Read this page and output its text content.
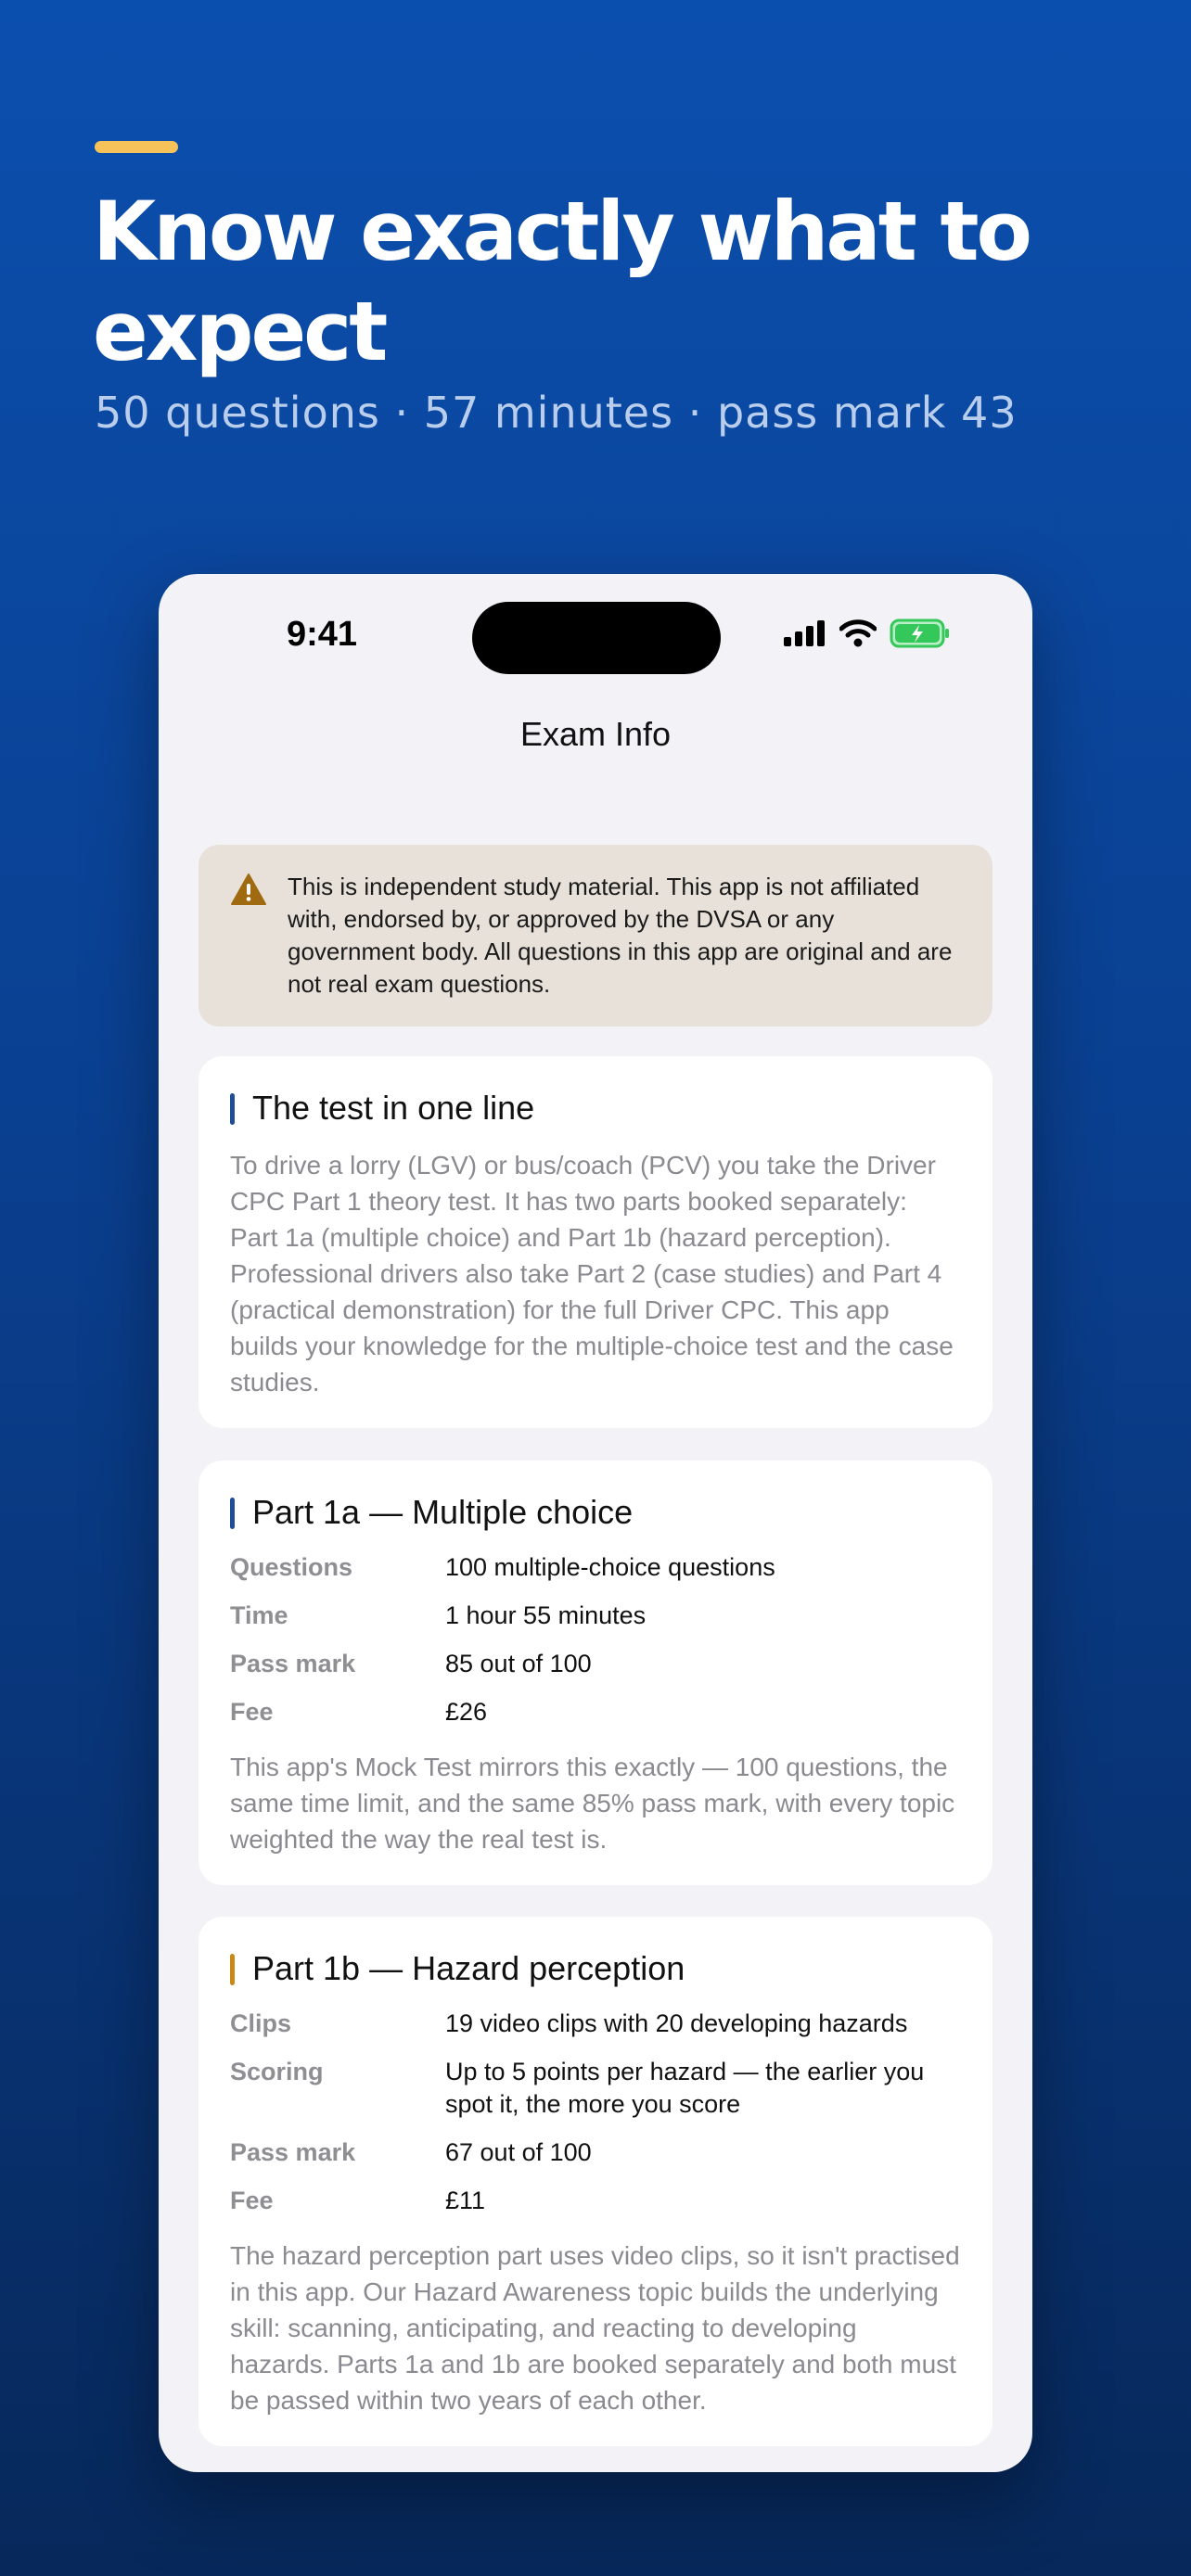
Know exactly what to expect

50 questions · 57 minutes · pass mark 43

9:41
Exam Info

This is independent study material. This app is not affiliated with, endorsed by, or approved by the DVSA or any government body. All questions in this app are original and are not real exam questions.

The test in one line

To drive a lorry (LGV) or bus/coach (PCV) you take the Driver CPC Part 1 theory test. It has two parts booked separately: Part 1a (multiple choice) and Part 1b (hazard perception). Professional drivers also take Part 2 (case studies) and Part 4 (practical demonstration) for the full Driver CPC. This app builds your knowledge for the multiple-choice test and the case studies.

Part 1a — Multiple choice
Questions	100 multiple-choice questions
Time	1 hour 55 minutes
Pass mark	85 out of 100
Fee	£26

This app's Mock Test mirrors this exactly — 100 questions, the same time limit, and the same 85% pass mark, with every topic weighted the way the real test is.

Part 1b — Hazard perception
Clips	19 video clips with 20 developing hazards
Scoring	Up to 5 points per hazard — the earlier you spot it, the more you score
Pass mark	67 out of 100
Fee	£11

The hazard perception part uses video clips, so it isn't practised in this app. Our Hazard Awareness topic builds the underlying skill: scanning, anticipating, and reacting to developing hazards. Parts 1a and 1b are booked separately and both must be passed within two years of each other.
